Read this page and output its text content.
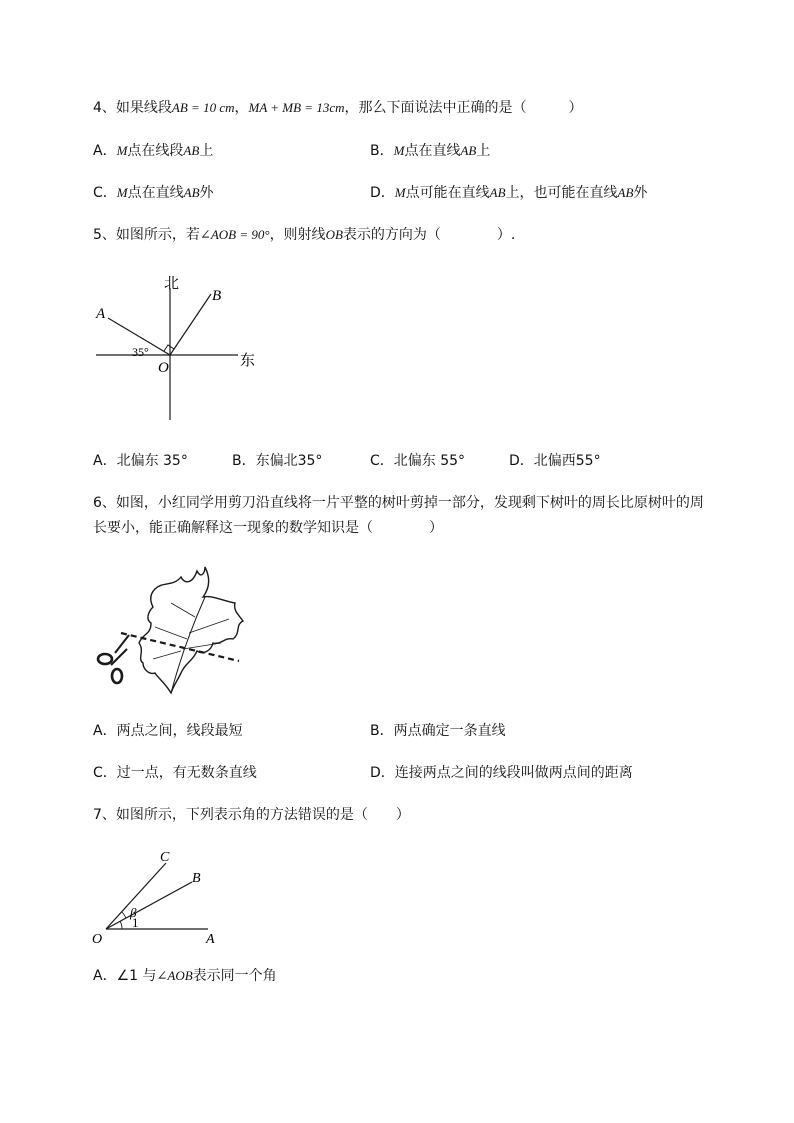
4、如果线段AB = 10 cm，MA + MB = 13cm，那么下面说法中正确的是（　　　）
A．M点在线段AB上	B．M点在直线AB上
C．M点在直线AB外	D．M点可能在直线AB上，也可能在直线AB外
5、如图所示，若∠AOB = 90°，则射线OB表示的方向为（　　　　）.
北
东
A
B
O
35°
A．北偏东 35°	B．东偏北35°	C．北偏东 55°	D．北偏西55°
6、如图，小红同学用剪刀沿直线将一片平整的树叶剪掉一部分，发现剩下树叶的周长比原树叶的周
长要小，能正确解释这一现象的数学知识是（　　　　）
A．两点之间，线段最短	B．两点确定一条直线
C．过一点，有无数条直线	D．连接两点之间的线段叫做两点间的距离
7、如图所示，下列表示角的方法错误的是（　　）
C
B
O	A
β
1
A．∠1 与∠AOB表示同一个角
